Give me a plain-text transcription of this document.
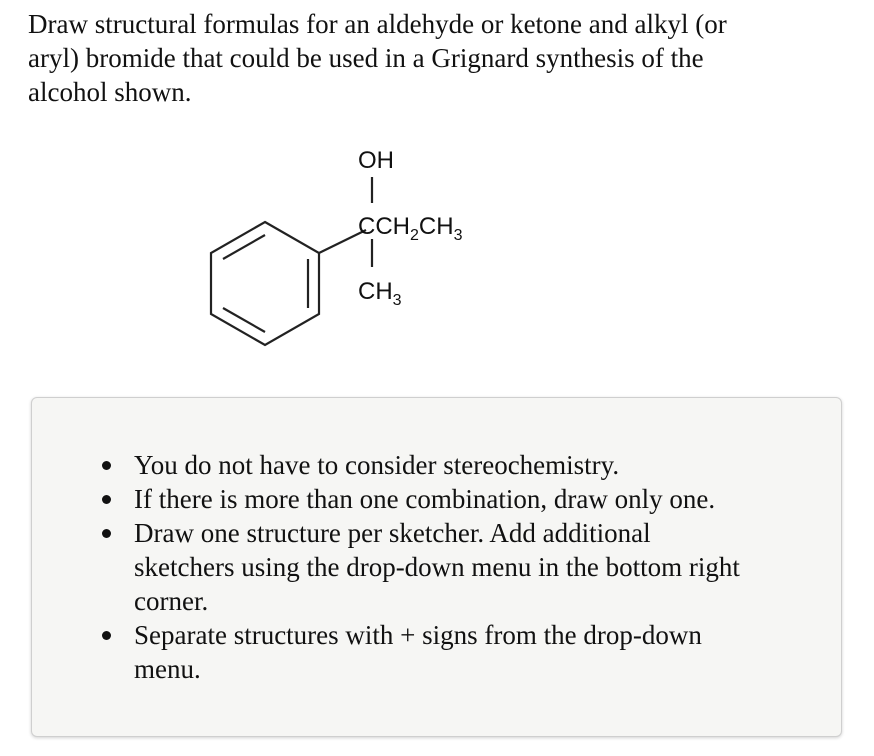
Draw structural formulas for an aldehyde or ketone and alkyl (or
aryl) bromide that could be used in a Grignard synthesis of the
alcohol shown.
OH
$CCH_2CH_3$
$CH_3$
You do not have to consider stereochemistry.
If there is more than one combination, draw only one.
Draw one structure per sketcher. Add additional
sketchers using the drop-down menu in the bottom right
corner.
Separate structures with + signs from the drop-down
menu.
